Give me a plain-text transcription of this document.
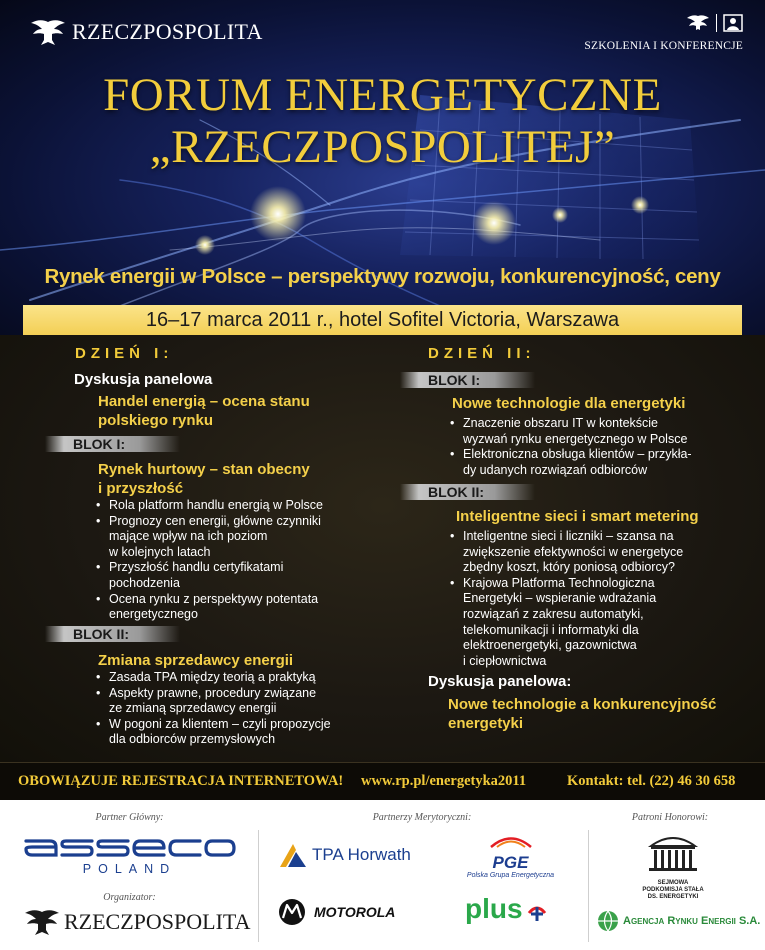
RZECZPOSPOLITA
SZKOLENIA I KONFERENCJE
FORUM ENERGETYCZNE
„RZECZPOSPOLITEJ”
Rynek energii w Polsce – perspektywy rozwoju, konkurencyjność, ceny
16–17 marca 2011 r., hotel Sofitel Victoria, Warszawa
DZIEŃ I:
Dyskusja panelowa
Handel energią – ocena stanu
polskiego rynku
BLOK I:
Rynek hurtowy – stan obecny
i przyszłość
• Rola platform handlu energią w Polsce
• Prognozy cen energii, główne czynniki
mające wpływ na ich poziom
w kolejnych latach
• Przyszłość handlu certyfikatami
pochodzenia
• Ocena rynku z perspektywy potentata
energetycznego
BLOK II:
Zmiana sprzedawcy energii
• Zasada TPA między teorią a praktyką
• Aspekty prawne, procedury związane
ze zmianą sprzedawcy energii
• W pogoni za klientem – czyli propozycje
dla odbiorców przemysłowych
DZIEŃ II:
BLOK I:
Nowe technologie dla energetyki
• Znaczenie obszaru IT w kontekście
wyzwań rynku energetycznego w Polsce
• Elektroniczna obsługa klientów – przykła-
dy udanych rozwiązań odbiorców
BLOK II:
Inteligentne sieci i smart metering
• Inteligentne sieci i liczniki – szansa na
zwiększenie efektywności w energetyce
zbędny koszt, który poniosą odbiorcy?
• Krajowa Platforma Technologiczna
Energetyki – wspieranie wdrażania
rozwiązań z zakresu automatyki,
telekomunikacji i informatyki dla
elektroenergetyki, gazownictwa
i ciepłownictwa
Dyskusja panelowa:
Nowe technologie a konkurencyjność
energetyki
OBOWIĄZUJE REJESTRACJA INTERNETOWA! www.rp.pl/energetyka2011	Kontakt: tel. (22) 46 30 658
Partner Główny:
Organizator:
Partnerzy Merytoryczni:	Patroni Honorowi:
POLAND
RZECZPOSPOLITA
TPA Horwath	PGE
Polska Grupa Energetyczna
MOTOROLA plus
SEJMOWA
PODKOMISJA STAŁA
DS. ENERGETYKI
Agencja Rynku Energii S.A.
